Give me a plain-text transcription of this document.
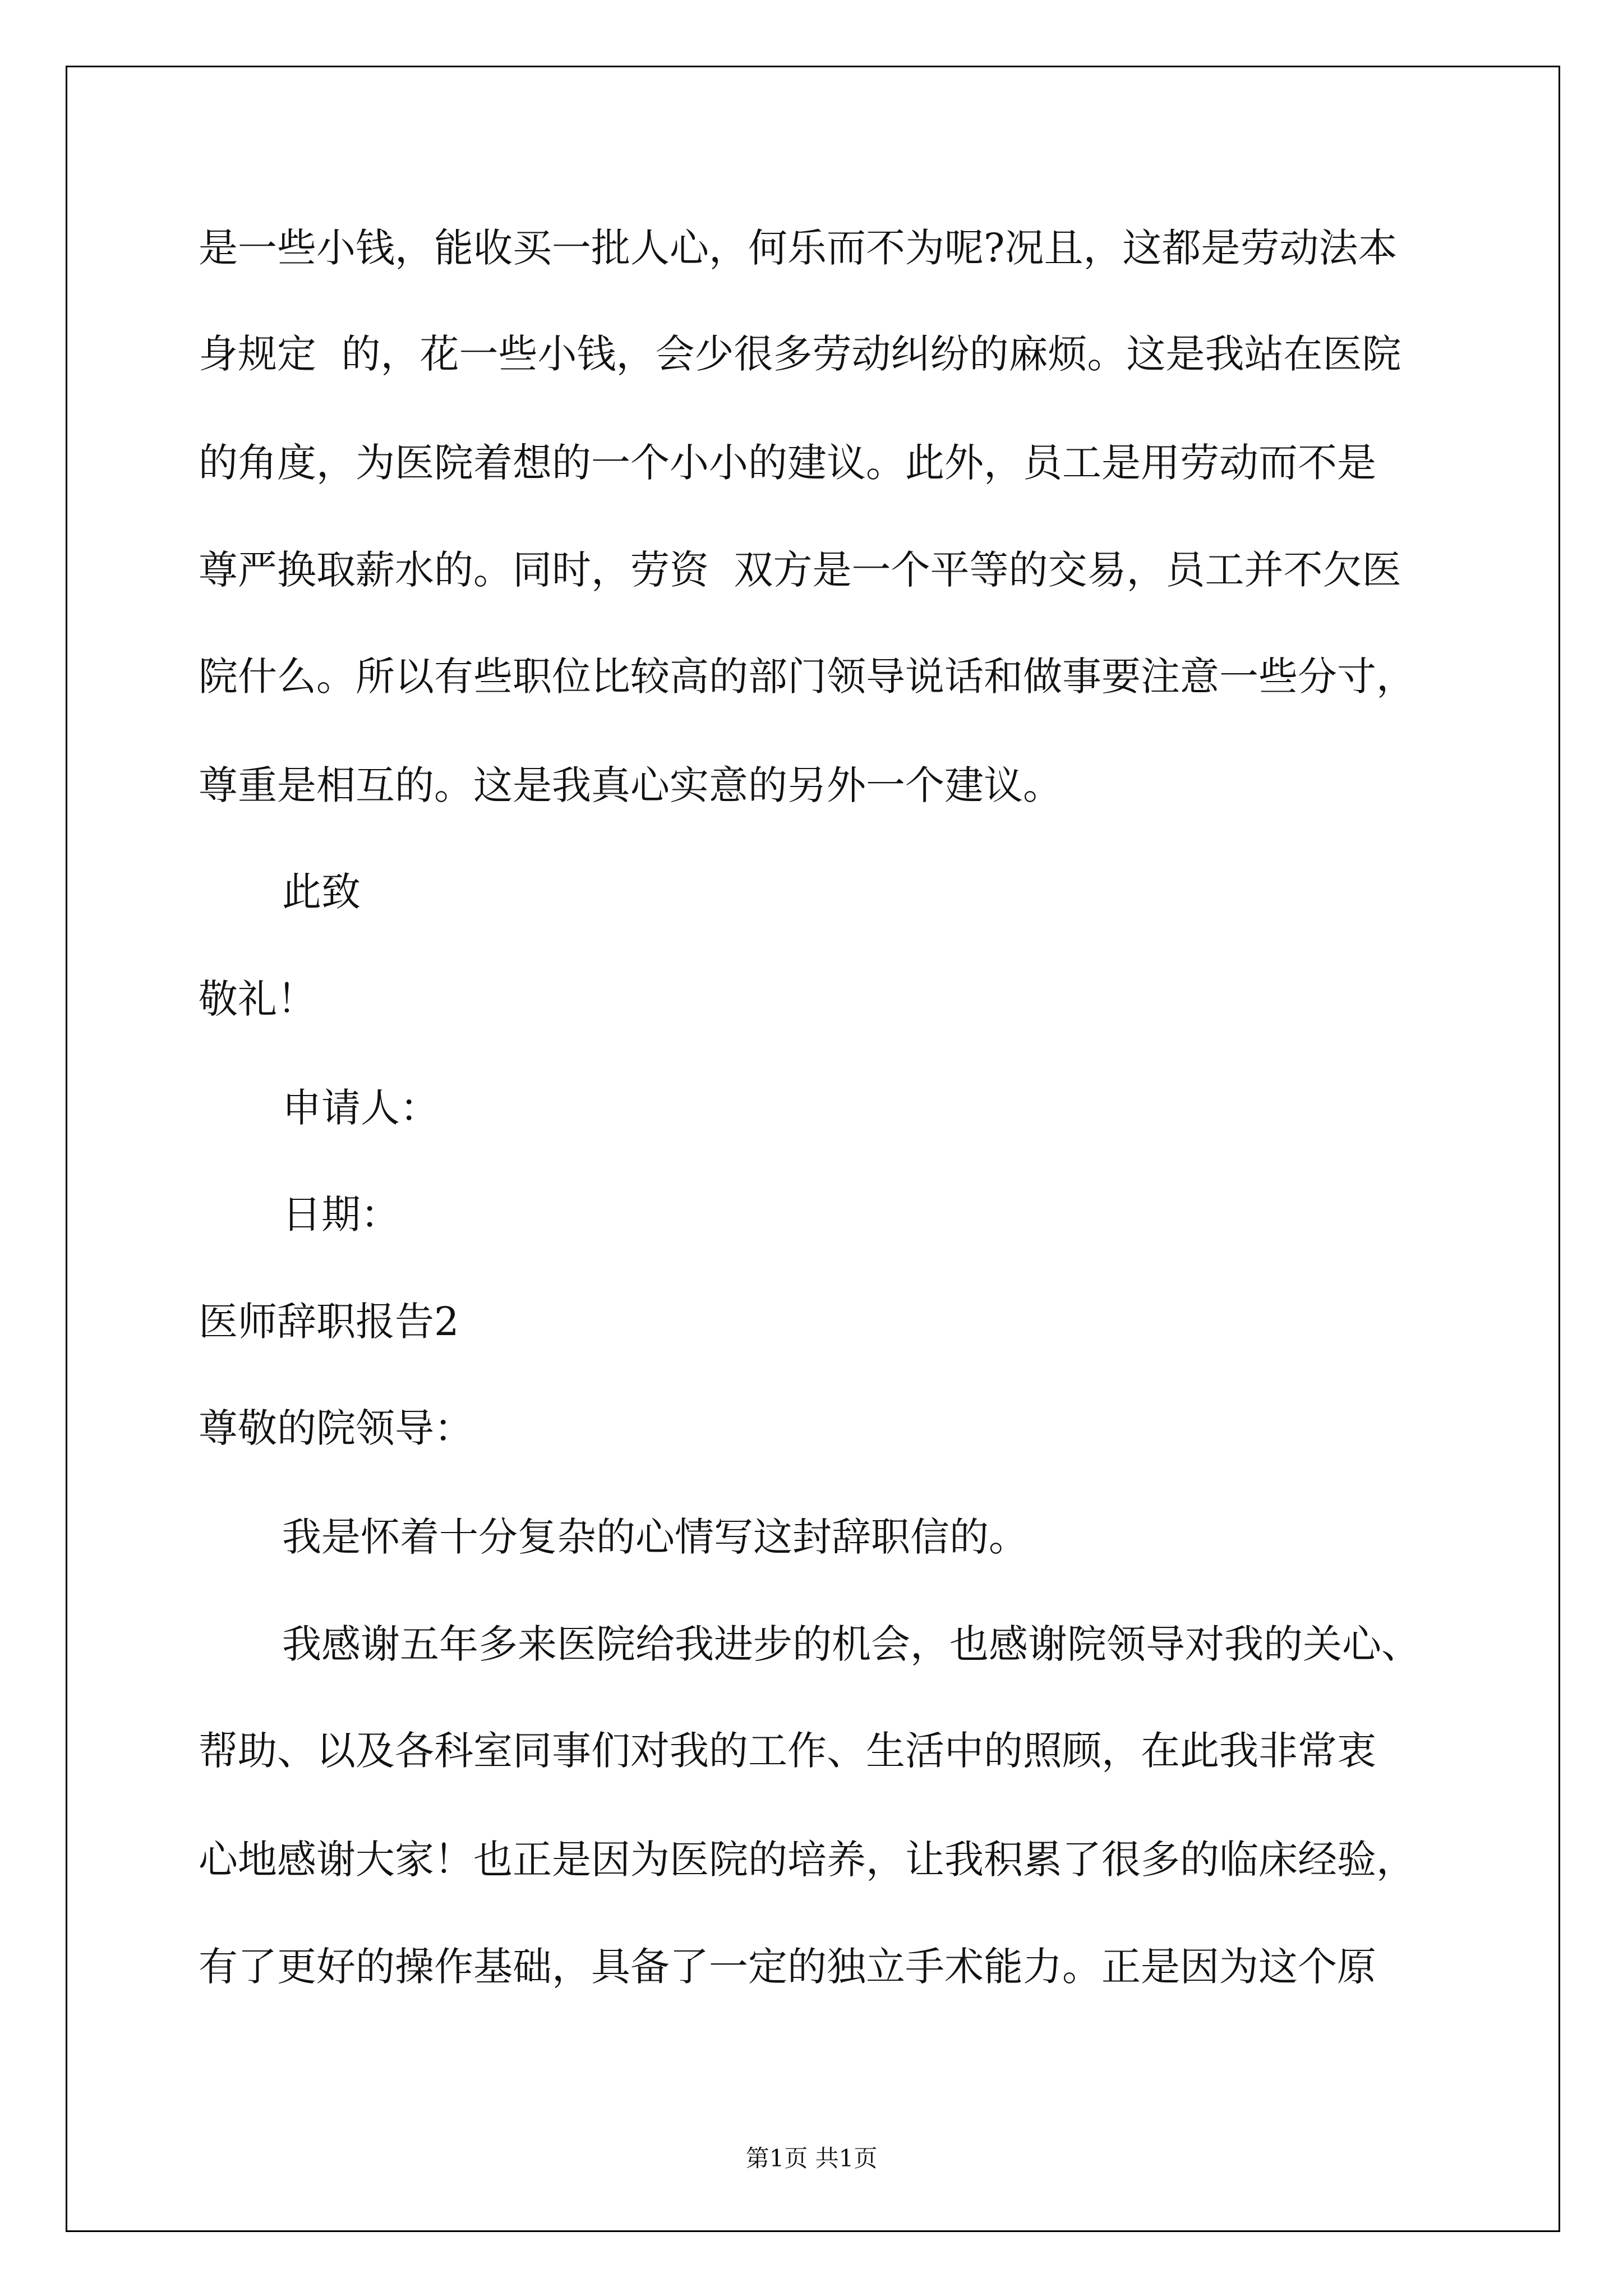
是一些小钱，能收买一批人心，何乐而不为呢?况且，这都是劳动法本

身规定  的，花一些小钱，会少很多劳动纠纷的麻烦。这是我站在医院

的角度，为医院着想的一个小小的建议。此外，员工是用劳动而不是

尊严换取薪水的。同时，劳资  双方是一个平等的交易，员工并不欠医

院什么。所以有些职位比较高的部门领导说话和做事要注意一些分寸，

尊重是相互的。这是我真心实意的另外一个建议。

此致

敬礼！

申请人：

日期：

医师辞职报告2

尊敬的院领导：

我是怀着十分复杂的心情写这封辞职信的。

我感谢五年多来医院给我进步的机会，也感谢院领导对我的关心、

帮助、以及各科室同事们对我的工作、生活中的照顾，在此我非常衷

心地感谢大家！也正是因为医院的培养，让我积累了很多的临床经验，

有了更好的操作基础，具备了一定的独立手术能力。正是因为这个原

第1页 共1页
